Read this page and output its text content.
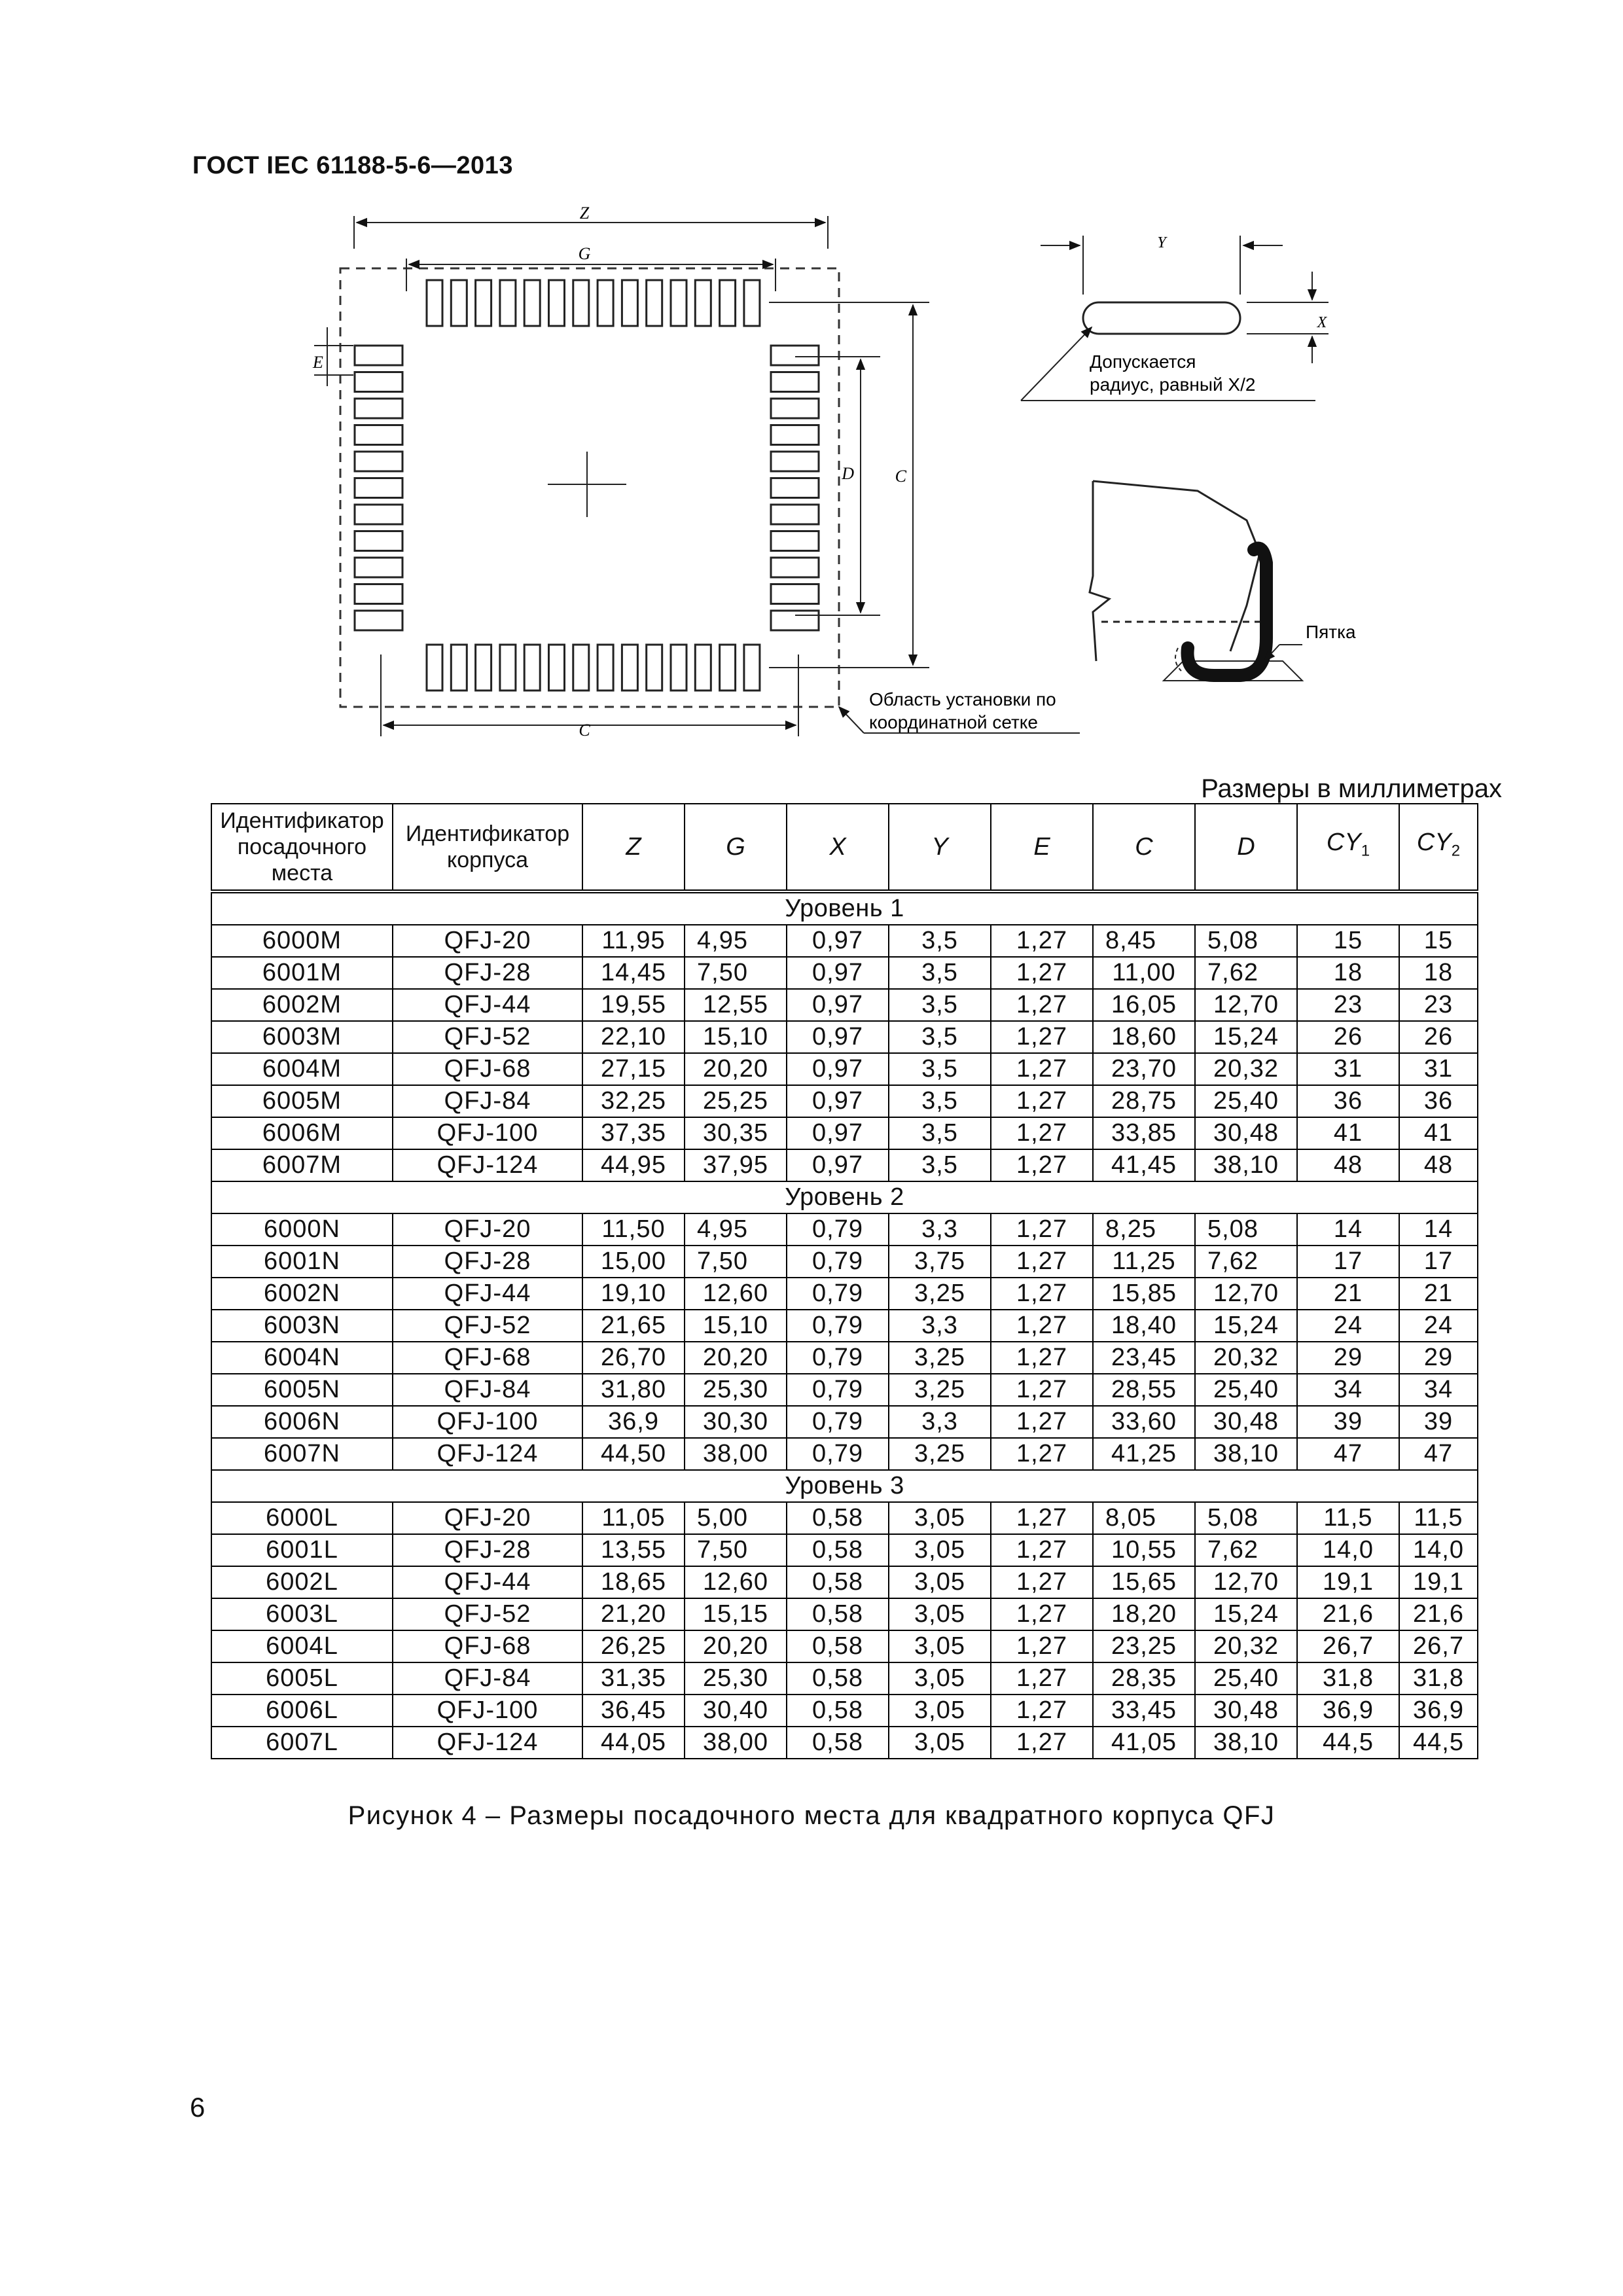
ГОСТ IEC 61188-5-6—2013
Z
G
E
D C
C
Область установки по
координатной сетке
Y
X
Допускается
радиус, равный X/2
Пятка
Размеры в миллиметрах
Идентификатор посадочного места	Идентификатор корпуса	Z	G	X	Y	E	C	D	$CY_1$	$CY_2$
Уровень 1										
6000M	QFJ-20	11,95	4,95	0,97	3,5	1,27	8,45	5,08	15	15
6001M	QFJ-28	14,45	7,50	0,97	3,5	1,27	11,00	7,62	18	18
6002M	QFJ-44	19,55	12,55	0,97	3,5	1,27	16,05	12,70	23	23
6003M	QFJ-52	22,10	15,10	0,97	3,5	1,27	18,60	15,24	26	26
6004M	QFJ-68	27,15	20,20	0,97	3,5	1,27	23,70	20,32	31	31
6005M	QFJ-84	32,25	25,25	0,97	3,5	1,27	28,75	25,40	36	36
6006M	QFJ-100	37,35	30,35	0,97	3,5	1,27	33,85	30,48	41	41
6007M	QFJ-124	44,95	37,95	0,97	3,5	1,27	41,45	38,10	48	48
Уровень 2										
6000N	QFJ-20	11,50	4,95	0,79	3,3	1,27	8,25	5,08	14	14
6001N	QFJ-28	15,00	7,50	0,79	3,75	1,27	11,25	7,62	17	17
6002N	QFJ-44	19,10	12,60	0,79	3,25	1,27	15,85	12,70	21	21
6003N	QFJ-52	21,65	15,10	0,79	3,3	1,27	18,40	15,24	24	24
6004N	QFJ-68	26,70	20,20	0,79	3,25	1,27	23,45	20,32	29	29
6005N	QFJ-84	31,80	25,30	0,79	3,25	1,27	28,55	25,40	34	34
6006N	QFJ-100	36,9	30,30	0,79	3,3	1,27	33,60	30,48	39	39
6007N	QFJ-124	44,50	38,00	0,79	3,25	1,27	41,25	38,10	47	47
Уровень 3										
6000L	QFJ-20	11,05	5,00	0,58	3,05	1,27	8,05	5,08	11,5	11,5
6001L	QFJ-28	13,55	7,50	0,58	3,05	1,27	10,55	7,62	14,0	14,0
6002L	QFJ-44	18,65	12,60	0,58	3,05	1,27	15,65	12,70	19,1	19,1
6003L	QFJ-52	21,20	15,15	0,58	3,05	1,27	18,20	15,24	21,6	21,6
6004L	QFJ-68	26,25	20,20	0,58	3,05	1,27	23,25	20,32	26,7	26,7
6005L	QFJ-84	31,35	25,30	0,58	3,05	1,27	28,35	25,40	31,8	31,8
6006L	QFJ-100	36,45	30,40	0,58	3,05	1,27	33,45	30,48	36,9	36,9
6007L	QFJ-124	44,05	38,00	0,58	3,05	1,27	41,05	38,10	44,5	44,5
Рисунок 4 – Размеры посадочного места для квадратного корпуса QFJ
6
